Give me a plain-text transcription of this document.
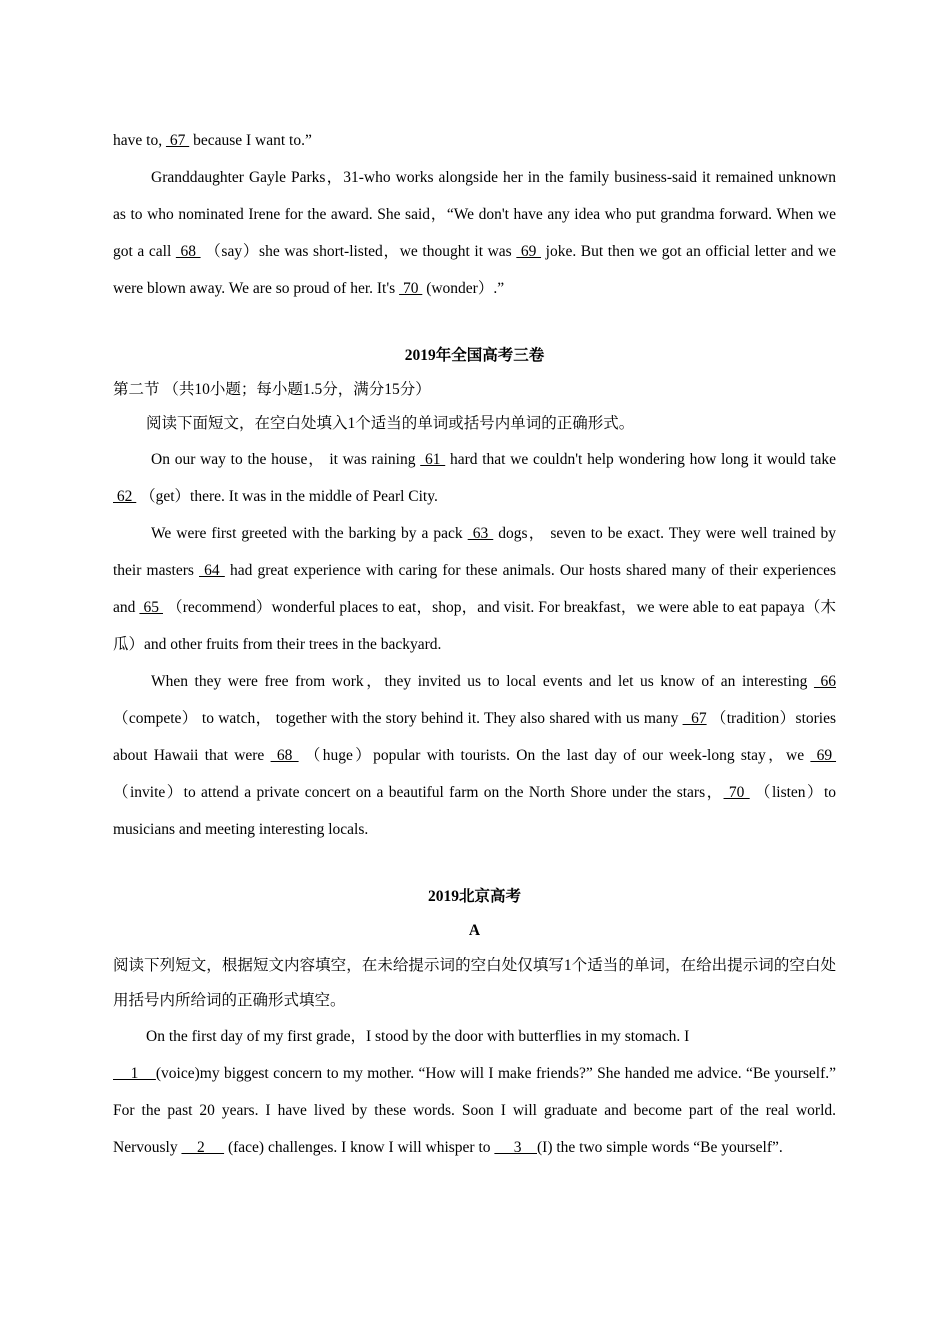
have to,  67  because I want to.”

Granddaughter Gayle Parks，31-who works alongside her in the family business-said it remained unknown as to who nominated Irene for the award. She said，“We don't have any idea who put grandma forward. When we got a call  68  （say）she was short-listed，we thought it was  69  joke. But then we got an official letter and we were blown away. We are so proud of her. It's  70  (wonder）.”

2019年全国高考三卷

第二节 （共10小题；每小题1.5分，满分15分）

阅读下面短文，在空白处填入1个适当的单词或括号内单词的正确形式。

On our way to the house， it was raining  61  hard that we couldn't help wondering how long it would take  62  （get）there. It was in the middle of Pearl City.

We were first greeted with the barking by a pack  63  dogs， seven to be exact. They were well trained by their masters  64  had great experience with caring for these animals. Our hosts shared many of their experiences and  65  （recommend）wonderful places to eat，shop，and visit. For breakfast，we were able to eat papaya（木瓜）and other fruits from their trees in the backyard.

When they were free from work，they invited us to local events and let us know of an interesting  66 （compete） to watch， together with the story behind it. They also shared with us many   67 （tradition）stories about Hawaii that were  68  （huge）popular with tourists. On the last day of our week-long stay，we  69  （invite）to attend a private concert on a beautiful farm on the North Shore under the stars， 70  （listen）to musicians and meeting interesting locals.

2019北京高考

A

阅读下列短文，根据短文内容填空，在未给提示词的空白处仅填写1个适当的单词，在给出提示词的空白处用括号内所给词的正确形式填空。

On the first day of my first grade，I stood by the door with butterflies in my stomach. I

1    (voice)my biggest concern to my mother. “How will I make friends?” She handed me advice. “Be yourself.” For the past 20 years. I have lived by these words. Soon I will graduate and become part of the real world. Nervously     2      (face) challenges. I know I will whisper to      3    (I) the two simple words “Be yourself”.
